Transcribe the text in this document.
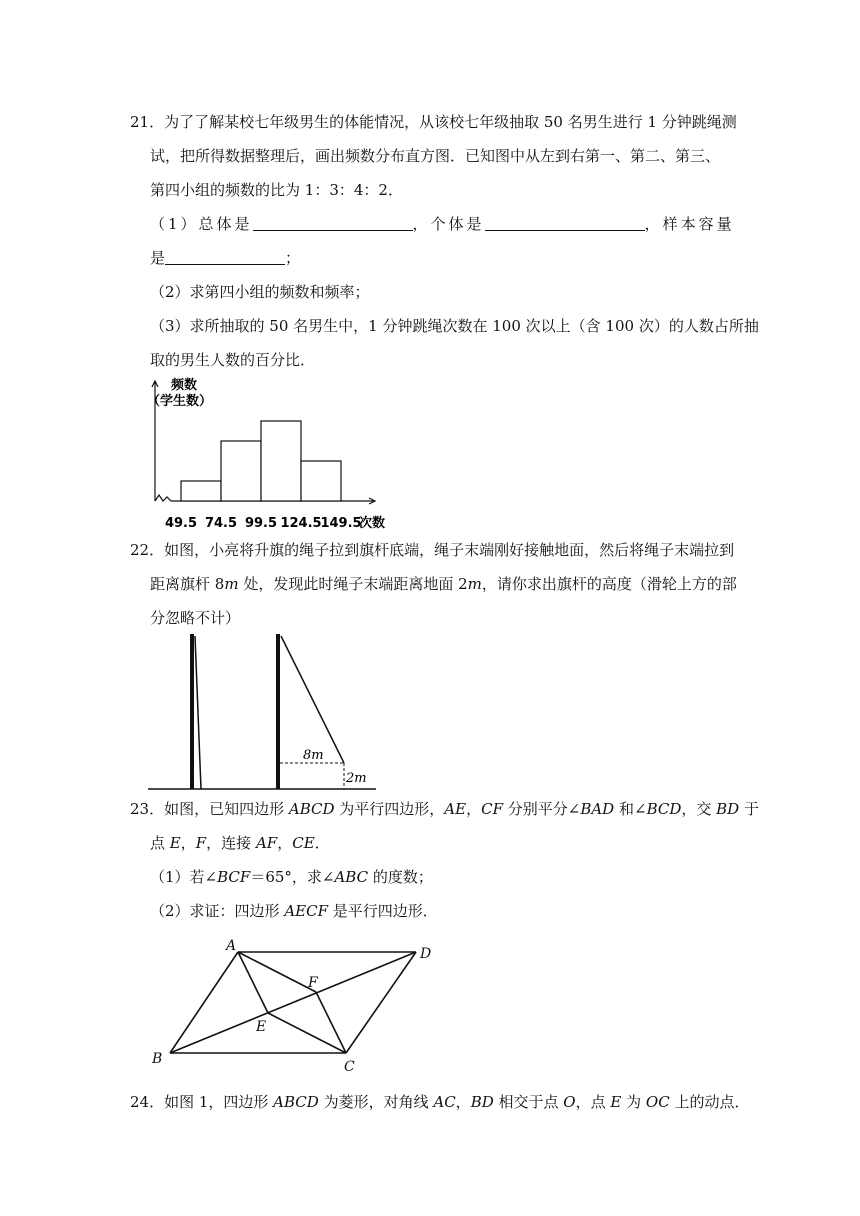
21．为了了解某校七年级男生的体能情况，从该校七年级抽取 50 名男生进行 1 分钟跳绳测
试，把所得数据整理后，画出频数分布直方图．已知图中从左到右第一、第二、第三、
第四小组的频数的比为 1：3：4：2．
（1）总体是	，个体是	，样本容量
是	；
（2）求第四小组的频数和频率；
（3）求所抽取的 50 名男生中，1 分钟跳绳次数在 100 次以上（含 100 次）的人数占所抽
取的男生人数的百分比．
49.5 74.5 99.5 124.5
149.5
频数
（学生数）
次数
22．如图，小亮将升旗的绳子拉到旗杆底端，绳子末端刚好接触地面，然后将绳子末端拉到
距离旗杆 8m 处，发现此时绳子末端距离地面 2m，请你求出旗杆的高度（滑轮上方的部
分忽略不计）
8m
2m
23．如图，已知四边形 ABCD 为平行四边形，AE，CF 分别平分∠BAD 和∠BCD，交 BD 于
点 E，F，连接 AF，CE．
（1）若∠BCF＝65°，求∠ABC 的度数；
（2）求证：四边形 AECF 是平行四边形．
A	D
B	C
E
F
24．如图 1，四边形 ABCD 为菱形，对角线 AC，BD 相交于点 O，点 E 为 OC 上的动点．
